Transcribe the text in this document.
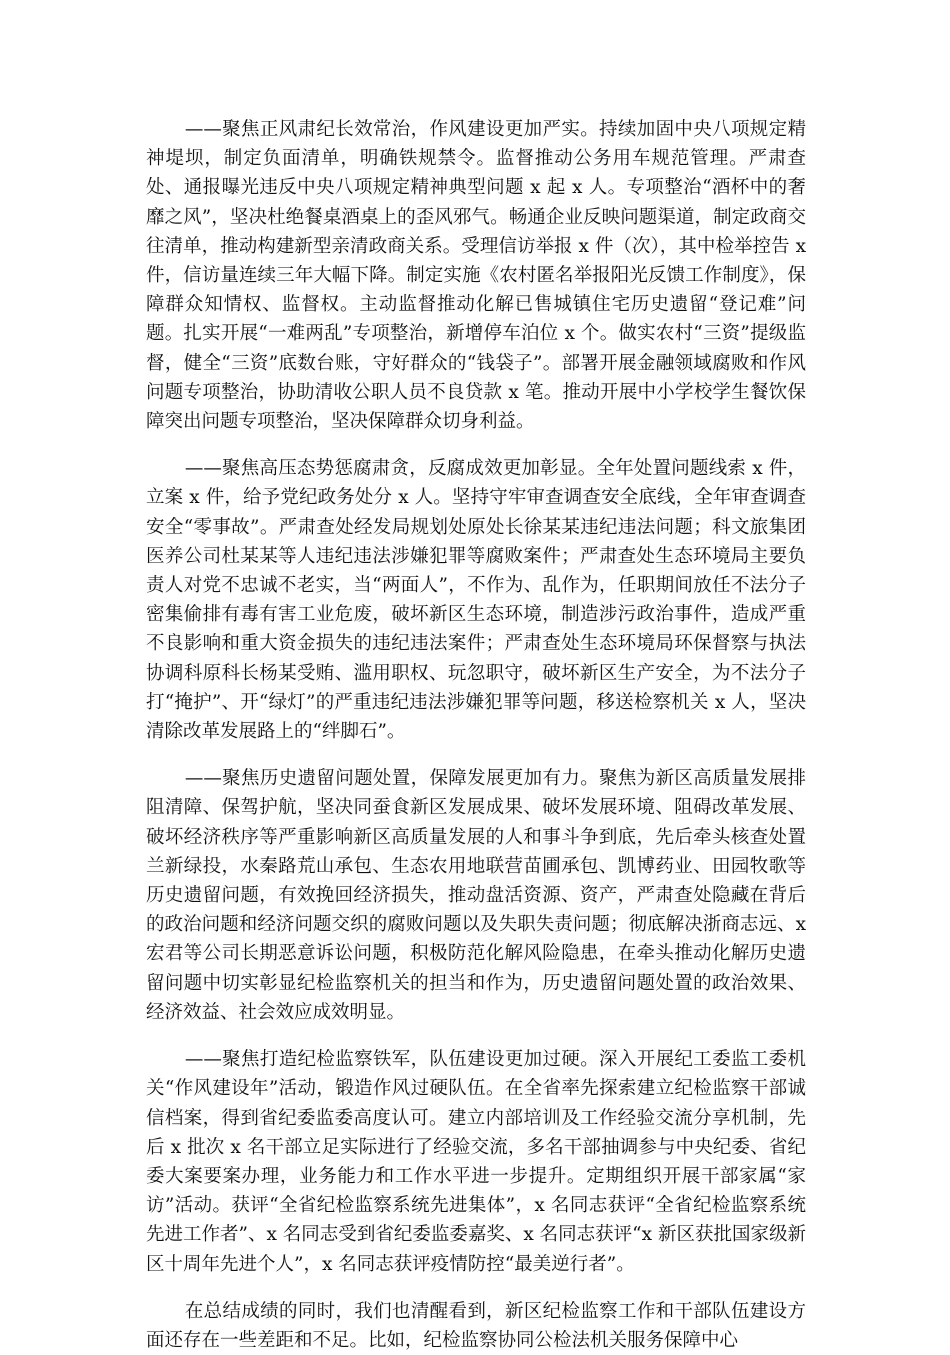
——聚焦正风肃纪长效常治，作风建设更加严实。持续加固中央八项规定精神堤坝，制定负面清单，明确铁规禁令。监督推动公务用车规范管理。严肃查处、通报曝光违反中央八项规定精神典型问题 x 起 x 人。专项整治“酒杯中的奢靡之风”，坚决杜绝餐桌酒桌上的歪风邪气。畅通企业反映问题渠道，制定政商交往清单，推动构建新型亲清政商关系。受理信访举报 x 件（次），其中检举控告 x 件，信访量连续三年大幅下降。制定实施《农村匿名举报阳光反馈工作制度》，保障群众知情权、监督权。主动监督推动化解已售城镇住宅历史遗留“登记难”问题。扎实开展“一难两乱”专项整治，新增停车泊位 x 个。做实农村“三资”提级监督，健全“三资”底数台账，守好群众的“钱袋子”。部署开展金融领域腐败和作风问题专项整治，协助清收公职人员不良贷款 x 笔。推动开展中小学校学生餐饮保障突出问题专项整治，坚决保障群众切身利益。

——聚焦高压态势惩腐肃贪，反腐成效更加彰显。全年处置问题线索 x 件，立案 x 件，给予党纪政务处分 x 人。坚持守牢审查调查安全底线，全年审查调查安全“零事故”。严肃查处经发局规划处原处长徐某某违纪违法问题；科文旅集团医养公司杜某某等人违纪违法涉嫌犯罪等腐败案件；严肃查处生态环境局主要负责人对党不忠诚不老实，当“两面人”，不作为、乱作为，任职期间放任不法分子密集偷排有毒有害工业危废，破坏新区生态环境，制造涉污政治事件，造成严重不良影响和重大资金损失的违纪违法案件；严肃查处生态环境局环保督察与执法协调科原科长杨某受贿、滥用职权、玩忽职守，破坏新区生产安全，为不法分子打“掩护”、开“绿灯”的严重违纪违法涉嫌犯罪等问题，移送检察机关 x 人，坚决清除改革发展路上的“绊脚石”。

——聚焦历史遗留问题处置，保障发展更加有力。聚焦为新区高质量发展排阻清障、保驾护航，坚决同蚕食新区发展成果、破坏发展环境、阻碍改革发展、破坏经济秩序等严重影响新区高质量发展的人和事斗争到底，先后牵头核查处置兰新绿投，水秦路荒山承包、生态农用地联营苗圃承包、凯博药业、田园牧歌等历史遗留问题，有效挽回经济损失，推动盘活资源、资产，严肃查处隐藏在背后的政治问题和经济问题交织的腐败问题以及失职失责问题；彻底解决浙商志远、x 宏君等公司长期恶意诉讼问题，积极防范化解风险隐患，在牵头推动化解历史遗留问题中切实彰显纪检监察机关的担当和作为，历史遗留问题处置的政治效果、经济效益、社会效应成效明显。

——聚焦打造纪检监察铁军，队伍建设更加过硬。深入开展纪工委监工委机关“作风建设年”活动，锻造作风过硬队伍。在全省率先探索建立纪检监察干部诚信档案，得到省纪委监委高度认可。建立内部培训及工作经验交流分享机制，先后 x 批次 x 名干部立足实际进行了经验交流，多名干部抽调参与中央纪委、省纪委大案要案办理，业务能力和工作水平进一步提升。定期组织开展干部家属“家访”活动。获评“全省纪检监察系统先进集体”，x 名同志获评“全省纪检监察系统先进工作者”、x 名同志受到省纪委监委嘉奖、x 名同志获评“x 新区获批国家级新区十周年先进个人”，x 名同志获评疫情防控“最美逆行者”。

在总结成绩的同时，我们也清醒看到，新区纪检监察工作和干部队伍建设方面还存在一些差距和不足。比如，纪检监察协同公检法机关服务保障中心
